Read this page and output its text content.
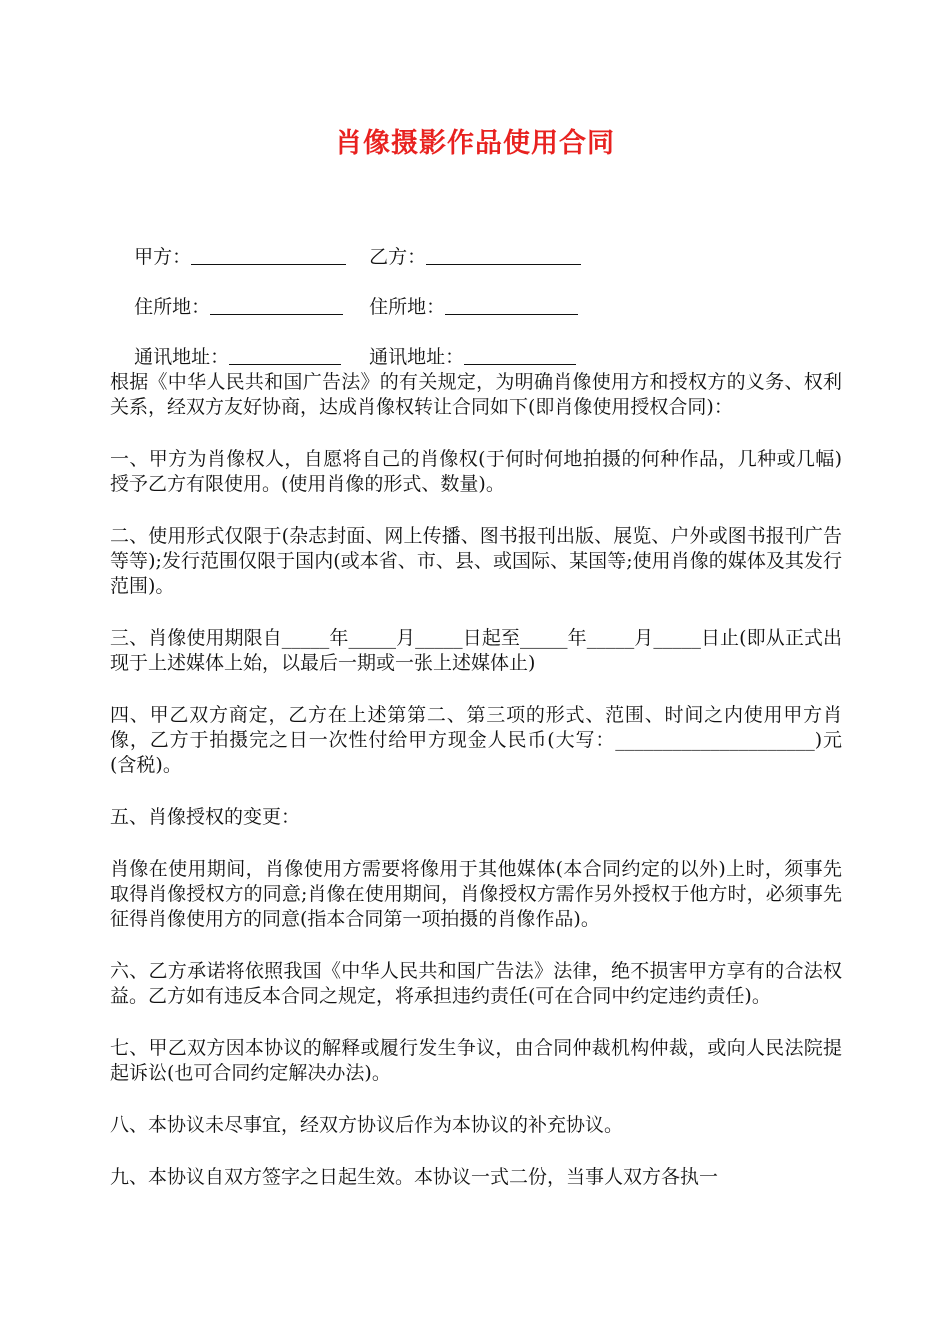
肖像摄影作品使用合同

甲方：	乙方：

住所地：	住所地：

通讯地址：	通讯地址：

根据《中华人民共和国广告法》的有关规定，为明确肖像使用方和授权方的义务、权利关系，经双方友好协商，达成肖像权转让合同如下(即肖像使用授权合同)：

一、甲方为肖像权人，自愿将自己的肖像权(于何时何地拍摄的何种作品，几种或几幅)授予乙方有限使用。(使用肖像的形式、数量)。

二、使用形式仅限于(杂志封面、网上传播、图书报刊出版、展览、户外或图书报刊广告等等);发行范围仅限于国内(或本省、市、县、或国际、某国等;使用肖像的媒体及其发行范围)。

三、肖像使用期限自_____年_____月_____日起至_____年_____月_____日止(即从正式出现于上述媒体上始，以最后一期或一张上述媒体止)

四、甲乙双方商定，乙方在上述第第二、第三项的形式、范围、时间之内使用甲方肖像，乙方于拍摄完之日一次性付给甲方现金人民币(大写：_____________________)元(含税)。

五、肖像授权的变更：

肖像在使用期间，肖像使用方需要将像用于其他媒体(本合同约定的以外)上时，须事先取得肖像授权方的同意;肖像在使用期间，肖像授权方需作另外授权于他方时，必须事先征得肖像使用方的同意(指本合同第一项拍摄的肖像作品)。

六、乙方承诺将依照我国《中华人民共和国广告法》法律，绝不损害甲方享有的合法权益。乙方如有违反本合同之规定，将承担违约责任(可在合同中约定违约责任)。

七、甲乙双方因本协议的解释或履行发生争议，由合同仲裁机构仲裁，或向人民法院提起诉讼(也可合同约定解决办法)。

八、本协议未尽事宜，经双方协议后作为本协议的补充协议。

九、本协议自双方签字之日起生效。本协议一式二份，当事人双方各执一
